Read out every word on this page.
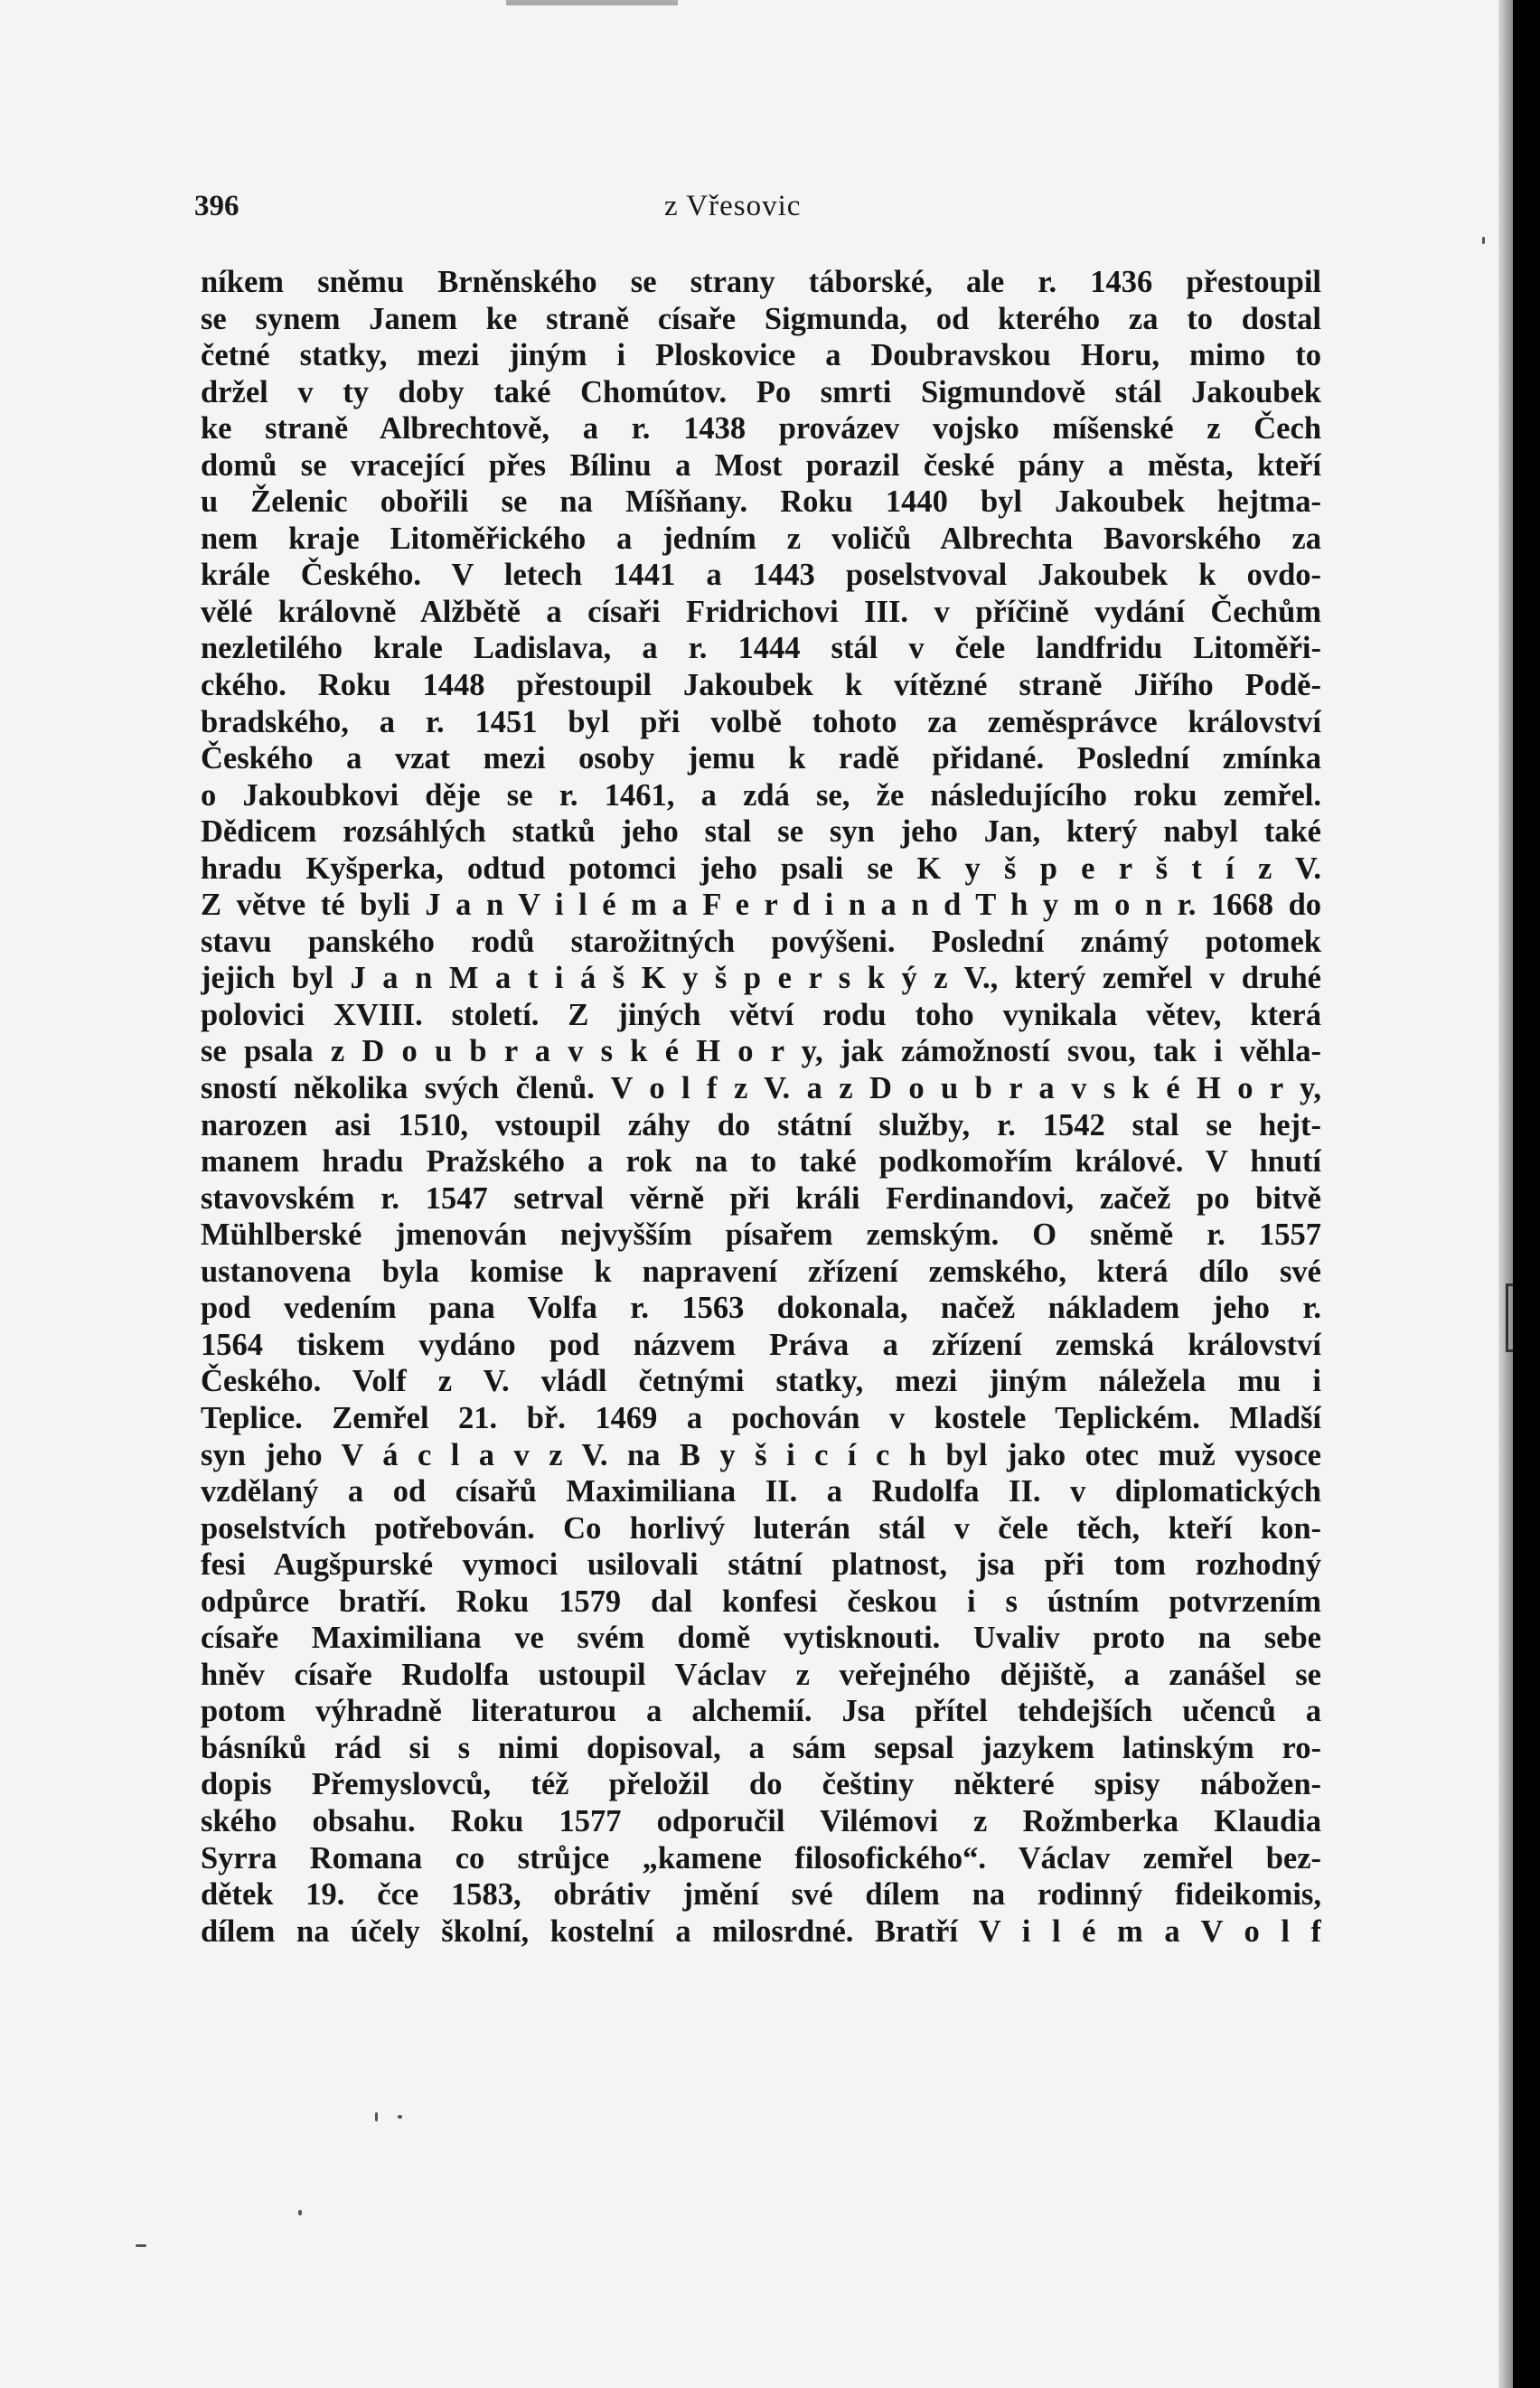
396	z Vřesovic
níkem sněmu Brněnského se strany táborské, ale r. 1436 přestoupil
se synem Janem ke straně císaře Sigmunda, od kterého za to dostal
četné statky, mezi jiným i Ploskovice a Doubravskou Horu, mimo to
držel v ty doby také Chomútov. Po smrti Sigmundově stál Jakoubek
ke straně Albrechtově, a r. 1438 provázev vojsko míšenské z Čech
domů se vracející přes Bílinu a Most porazil české pány a města, kteří
u Želenic obořili se na Míšňany. Roku 1440 byl Jakoubek hejtma-
nem kraje Litoměřického a jedním z voličů Albrechta Bavorského za
krále Českého. V letech 1441 a 1443 poselstvoval Jakoubek k ovdo-
vělé královně Alžbětě a císaři Fridrichovi III. v příčině vydání Čechům
nezletilého krale Ladislava, a r. 1444 stál v čele landfridu Litoměři-
ckého. Roku 1448 přestoupil Jakoubek k vítězné straně Jiřího Podě-
bradského, a r. 1451 byl při volbě tohoto za zeměsprávce království
Českého a vzat mezi osoby jemu k radě přidané. Poslední zmínka
o Jakoubkovi děje se r. 1461, a zdá se, že následujícího roku zemřel.
Dědicem rozsáhlých statků jeho stal se syn jeho Jan, který nabyl také
hradu Kyšperka, odtud potomci jeho psali se K y š p e r š t í z V.
Z větve té byli J a n V i l é m a F e r d i n a n d T h y m o n r. 1668 do
stavu panského rodů starožitných povýšeni. Poslední známý potomek
jejich byl J a n M a t i á š K y š p e r s k ý z V., který zemřel v druhé
polovici XVIII. století. Z jiných větví rodu toho vynikala větev, která
se psala z D o u b r a v s k é H o r y, jak zámožností svou, tak i věhla-
sností několika svých členů. V o l f z V. a z D o u b r a v s k é H o r y,
narozen asi 1510, vstoupil záhy do státní služby, r. 1542 stal se hejt-
manem hradu Pražského a rok na to také podkomořím králové. V hnutí
stavovském r. 1547 setrval věrně při králi Ferdinandovi, začež po bitvě
Mühlberské jmenován nejvyšším písařem zemským. O sněmě r. 1557
ustanovena byla komise k napravení zřízení zemského, která dílo své
pod vedením pana Volfa r. 1563 dokonala, načež nákladem jeho r.
1564 tiskem vydáno pod názvem Práva a zřízení zemská království
Českého. Volf z V. vládl četnými statky, mezi jiným náležela mu i
Teplice. Zemřel 21. bř. 1469 a pochován v kostele Teplickém. Mladší
syn jeho V á c l a v z V. na B y š i c í c h byl jako otec muž vysoce
vzdělaný a od císařů Maximiliana II. a Rudolfa II. v diplomatických
poselstvích potřebován. Co horlivý luterán stál v čele těch, kteří kon-
fesi Augšpurské vymoci usilovali státní platnost, jsa při tom rozhodný
odpůrce bratří. Roku 1579 dal konfesi českou i s ústním potvrzením
císaře Maximiliana ve svém domě vytisknouti. Uvaliv proto na sebe
hněv císaře Rudolfa ustoupil Václav z veřejného dějiště, a zanášel se
potom výhradně literaturou a alchemií. Jsa přítel tehdejších učenců a
básníků rád si s nimi dopisoval, a sám sepsal jazykem latinským ro-
dopis Přemyslovců, též přeložil do češtiny některé spisy nábožen-
ského obsahu. Roku 1577 odporučil Vilémovi z Rožmberka Klaudia
Syrra Romana co strůjce „kamene filosofického“. Václav zemřel bez-
dětek 19. čce 1583, obrátiv jmění své dílem na rodinný fideikomis,
dílem na účely školní, kostelní a milosrdné. Bratří V i l é m a V o l f
